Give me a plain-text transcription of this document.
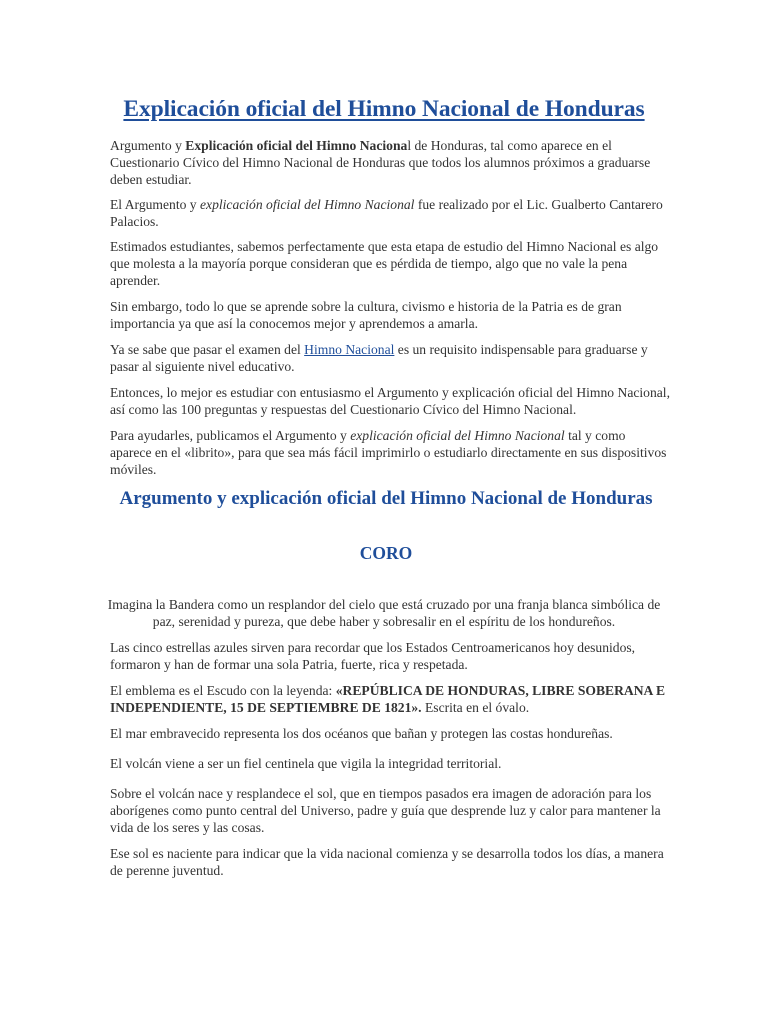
Explicación oficial del Himno Nacional de Honduras

Argumento y Explicación oficial del Himno Nacional de Honduras, tal como aparece en el Cuestionario Cívico del Himno Nacional de Honduras que todos los alumnos próximos a graduarse deben estudiar.

El Argumento y explicación oficial del Himno Nacional fue realizado por el Lic. Gualberto Cantarero Palacios.

Estimados estudiantes, sabemos perfectamente que esta etapa de estudio del Himno Nacional es algo que molesta a la mayoría porque consideran que es pérdida de tiempo, algo que no vale la pena aprender.

Sin embargo, todo lo que se aprende sobre la cultura, civismo e historia de la Patria es de gran importancia ya que así la conocemos mejor y aprendemos a amarla.

Ya se sabe que pasar el examen del Himno Nacional es un requisito indispensable para graduarse y pasar al siguiente nivel educativo.

Entonces, lo mejor es estudiar con entusiasmo el Argumento y explicación oficial del Himno Nacional, así como las 100 preguntas y respuestas del Cuestionario Cívico del Himno Nacional.

Para ayudarles, publicamos el Argumento y explicación oficial del Himno Nacional tal y como aparece en el «librito», para que sea más fácil imprimirlo o estudiarlo directamente en sus dispositivos móviles.

Argumento y explicación oficial del Himno Nacional de Honduras
CORO

Imagina la Bandera como un resplandor del cielo que está cruzado por una franja blanca simbólica de paz, serenidad y pureza, que debe haber y sobresalir en el espíritu de los hondureños.

Las cinco estrellas azules sirven para recordar que los Estados Centroamericanos hoy desunidos, formaron y han de formar una sola Patria, fuerte, rica y respetada.

El emblema es el Escudo con la leyenda: «REPÚBLICA DE HONDURAS, LIBRE SOBERANA E INDEPENDIENTE, 15 DE SEPTIEMBRE DE 1821». Escrita en el óvalo.

El mar embravecido representa los dos océanos que bañan y protegen las costas hondureñas.

El volcán viene a ser un fiel centinela que vigila la integridad territorial.

Sobre el volcán nace y resplandece el sol, que en tiempos pasados era imagen de adoración para los aborígenes como punto central del Universo, padre y guía que desprende luz y calor para mantener la vida de los seres y las cosas.

Ese sol es naciente para indicar que la vida nacional comienza y se desarrolla todos los días, a manera de perenne juventud.
